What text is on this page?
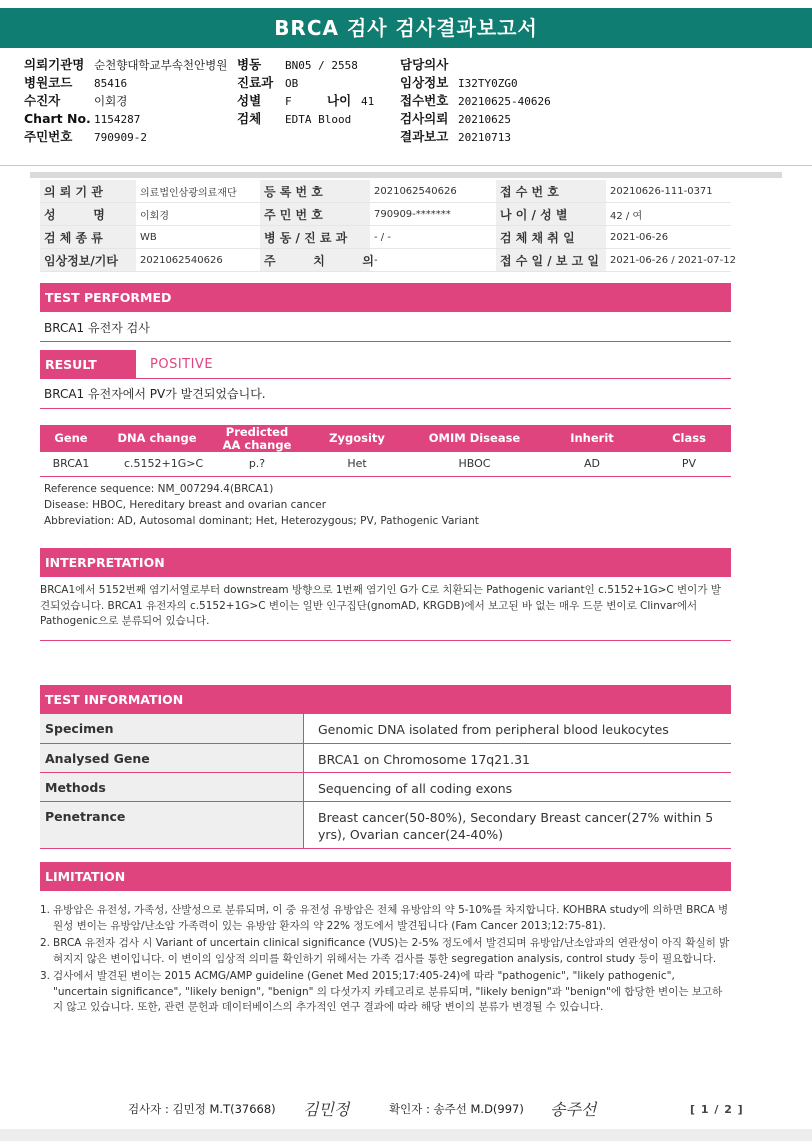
BRCA 검사 검사결과보고서
의뢰기관명 순천향대학교부속천안병원
병원코드 85416
수진자	이회경
Chart No. 1154287
주민번호 790909-2
병동 BN05 / 2558
진료과 OB
성별 F	나이 41
검체 EDTA Blood
담당의사
임상정보 I32TY0ZG0
접수번호 20210625-40626
검사의뢰 20210625
결과보고 20210713
의 뢰 기 관	의료법인삼광의료재단	등 록 번 호	2021062540626	접 수 번 호	20210626-111-0371
성         명	이회경	주 민 번 호	790909-*******	나 이 / 성 별	42 / 여
검 체 종 류	WB	병 동 / 진 료 과	- / -	검 체 채 취 일	2021-06-26
임상정보/기타	2021062540626	주         치         의 -	접 수 일 / 보 고 일	2021-06-26 / 2021-07-12
TEST PERFORMED
BRCA1 유전자 검사
RESULT	POSITIVE
BRCA1 유전자에서 PV가 발견되었습니다.
Gene	DNA change	Predicted AA change	Zygosity	OMIM Disease	Inherit	Class
BRCA1	c.5152+1G>C	p.?	Het	HBOC	AD	PV
Reference sequence: NM_007294.4(BRCA1)
Disease: HBOC, Hereditary breast and ovarian cancer
Abbreviation: AD, Autosomal dominant; Het, Heterozygous; PV, Pathogenic Variant
INTERPRETATION
BRCA1에서 5152번째 염기서열로부터 downstream 방향으로 1번째 염기인 G가 C로 치환되는 Pathogenic variant인 c.5152+1G>C 변이가 발견되었습니다. BRCA1 유전자의 c.5152+1G>C 변이는 일반 인구집단(gnomAD, KRGDB)에서 보고된 바 없는 매우 드문 변이로 Clinvar에서 Pathogenic으로 분류되어 있습니다.
TEST INFORMATION
Specimen	Genomic DNA isolated from peripheral blood leukocytes
Analysed Gene	BRCA1 on Chromosome 17q21.31
Methods	Sequencing of all coding exons
Penetrance	Breast cancer(50-80%), Secondary Breast cancer(27% within 5 yrs), Ovarian cancer(24-40%)
LIMITATION
1. 유방암은 유전성, 가족성, 산발성으로 분류되며, 이 중 유전성 유방암은 전체 유방암의 약 5-10%를 차지합니다. KOHBRA study에 의하면 BRCA 병원성 변이는 유방암/난소암 가족력이 있는 유방암 환자의 약 22% 정도에서 발견됩니다 (Fam Cancer 2013;12:75-81).
2. BRCA 유전자 검사 시 Variant of uncertain clinical significance (VUS)는 2-5% 정도에서 발견되며 유방암/난소암과의 연관성이 아직 확실히 밝혀지지 않은 변이입니다. 이 변이의 임상적 의미를 확인하기 위해서는 가족 검사를 통한 segregation analysis, control study 등이 필요합니다.
3. 검사에서 발견된 변이는 2015 ACMG/AMP guideline (Genet Med 2015;17:405-24)에 따라 "pathogenic", "likely pathogenic", "uncertain significance", "likely benign", "benign" 의 다섯가지 카테고리로 분류되며, "likely benign"과 "benign"에 합당한 변이는 보고하지 않고 있습니다. 또한, 관련 문헌과 데이터베이스의 추가적인 연구 결과에 따라 해당 변이의 분류가 변경될 수 있습니다.
검사자 : 김민정 M.T(37668) 김민정	확인자 : 송주선 M.D(997) 송주선	[ 1 / 2 ]
